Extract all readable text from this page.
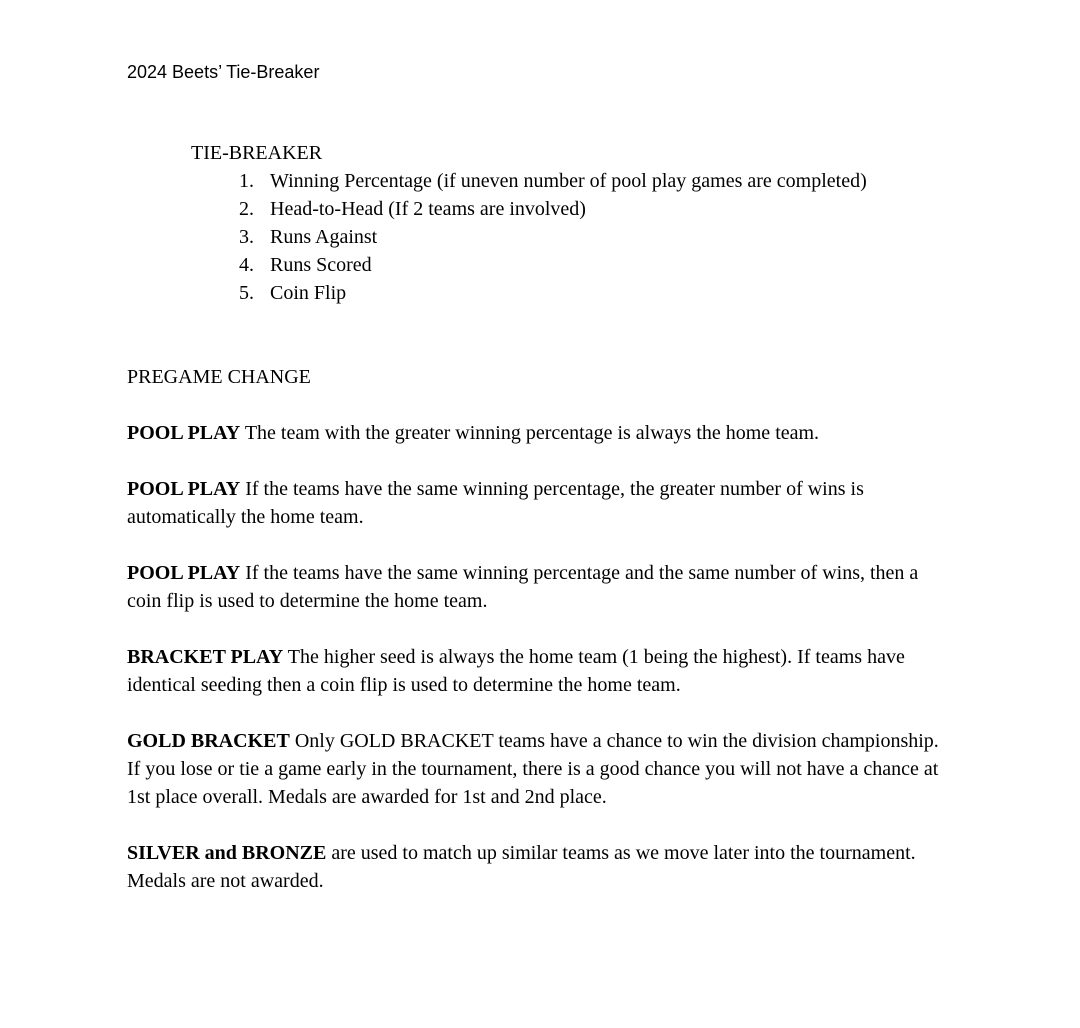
2024 Beets’ Tie-Breaker
TIE-BREAKER
1. Winning Percentage (if uneven number of pool play games are completed)
2. Head-to-Head (If 2 teams are involved)
3. Runs Against
4. Runs Scored
5. Coin Flip
PREGAME CHANGE

POOL PLAY The team with the greater winning percentage is always the home team.

POOL PLAY If the teams have the same winning percentage, the greater number of wins is automatically the home team.

POOL PLAY If the teams have the same winning percentage and the same number of wins, then a coin flip is used to determine the home team.

BRACKET PLAY The higher seed is always the home team (1 being the highest). If teams have identical seeding then a coin flip is used to determine the home team.

GOLD BRACKET Only GOLD BRACKET teams have a chance to win the division championship. If you lose or tie a game early in the tournament, there is a good chance you will not have a chance at 1st place overall. Medals are awarded for 1st and 2nd place.

SILVER and BRONZE are used to match up similar teams as we move later into the tournament. Medals are not awarded.
